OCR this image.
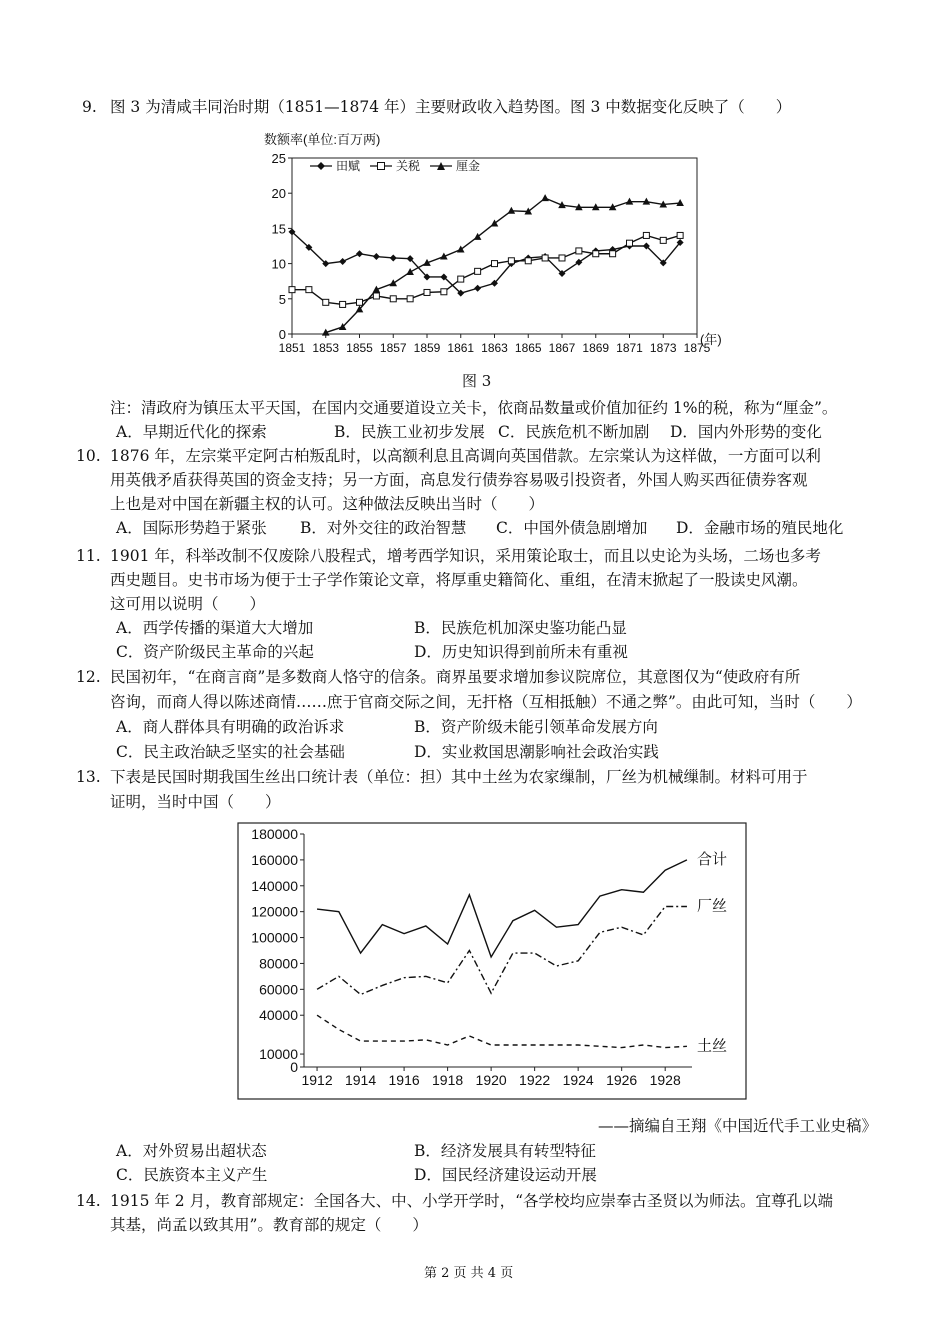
9. 图 3 为清咸丰同治时期（1851—1874 年）主要财政收入趋势图。图 3 中数据变化反映了（　　）
数额率(单位:百万两)
(年)
田赋	关税	厘金
0
5
10
15
20
25
1851 1853 1855 1857 1859 1861 1863 1865 1867 1869 1871 1873 1875
图 3
注：清政府为镇压太平天国，在国内交通要道设立关卡，依商品数量或价值加征约 1%的税，称为“厘金”。
A．早期近代化的探索	B．民族工业初步发展 C．民族危机不断加剧 D．国内外形势的变化
10. 1876 年，左宗棠平定阿古柏叛乱时，以高额利息且高调向英国借款。左宗棠认为这样做，一方面可以利
用英俄矛盾获得英国的资金支持；另一方面，高息发行债券容易吸引投资者，外国人购买西征债券客观
上也是对中国在新疆主权的认可。这种做法反映出当时（　　）
A．国际形势趋于紧张 B．对外交往的政治智慧 C．中国外债急剧增加 D．金融市场的殖民地化
11. 1901 年，科举改制不仅废除八股程式，增考西学知识，采用策论取士，而且以史论为头场，二场也多考
西史题目。史书市场为便于士子学作策论文章，将厚重史籍简化、重组，在清末掀起了一股读史风潮。
这可用以说明（　　）
A．西学传播的渠道大大增加	B．民族危机加深史鉴功能凸显
C．资产阶级民主革命的兴起	D．历史知识得到前所未有重视
12. 民国初年，“在商言商”是多数商人恪守的信条。商界虽要求增加参议院席位，其意图仅为“使政府有所
咨询，而商人得以陈述商情……庶于官商交际之间，无扞格（互相抵触）不通之弊”。由此可知，当时（　　）
A．商人群体具有明确的政治诉求	B．资产阶级未能引领革命发展方向
C．民主政治缺乏坚实的社会基础	D．实业救国思潮影响社会政治实践
13. 下表是民国时期我国生丝出口统计表（单位：担）其中土丝为农家缫制，厂丝为机械缫制。材料可用于
证明，当时中国（　　）
0
10000
40000
60000
80000
100000
120000
140000
160000
180000
1912 1914 1916 1918 1920 1922 1924 1926 1928
合计
厂丝
土丝
——摘编自王翔《中国近代手工业史稿》
A．对外贸易出超状态	B．经济发展具有转型特征
C．民族资本主义产生	D．国民经济建设运动开展
14. 1915 年 2 月，教育部规定：全国各大、中、小学开学时，“各学校均应崇奉古圣贤以为师法。宜尊孔以端
其基，尚孟以致其用”。教育部的规定（　　）
第 2 页 共 4 页
